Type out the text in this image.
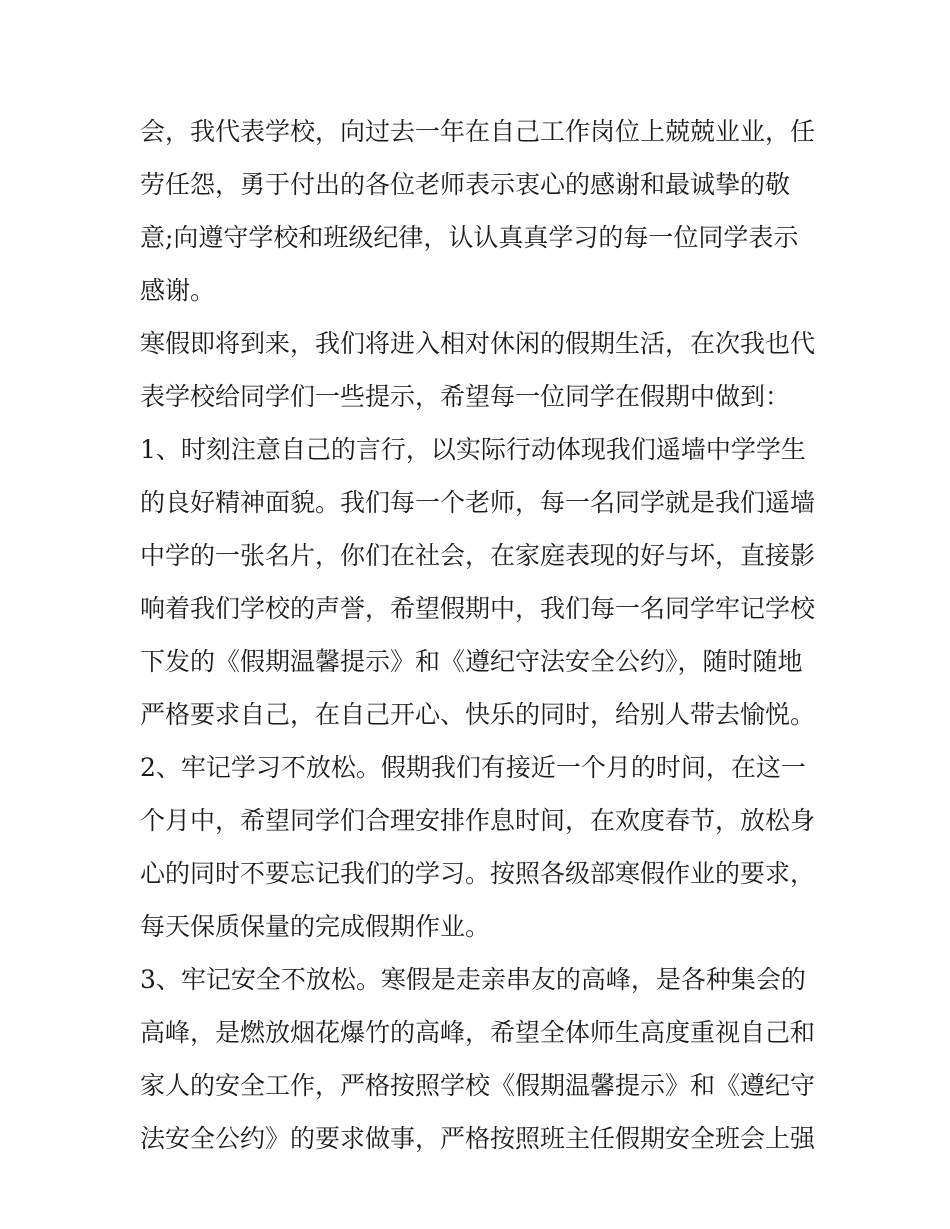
会，我代表学校，向过去一年在自己工作岗位上兢兢业业，任劳任怨，勇于付出的各位老师表示衷心的感谢和最诚挚的敬意;向遵守学校和班级纪律，认认真真学习的每一位同学表示感谢。

寒假即将到来，我们将进入相对休闲的假期生活，在次我也代表学校给同学们一些提示，希望每一位同学在假期中做到：

1、时刻注意自己的言行，以实际行动体现我们遥墙中学学生的良好精神面貌。我们每一个老师，每一名同学就是我们遥墙中学的一张名片，你们在社会，在家庭表现的好与坏，直接影响着我们学校的声誉，希望假期中，我们每一名同学牢记学校下发的《假期温馨提示》和《遵纪守法安全公约》，随时随地严格要求自己，在自己开心、快乐的同时，给别人带去愉悦。

2、牢记学习不放松。假期我们有接近一个月的时间，在这一个月中，希望同学们合理安排作息时间，在欢度春节，放松身心的同时不要忘记我们的学习。按照各级部寒假作业的要求，每天保质保量的完成假期作业。

3、牢记安全不放松。寒假是走亲串友的高峰，是各种集会的高峰，是燃放烟花爆竹的高峰，希望全体师生高度重视自己和家人的安全工作，严格按照学校《假期温馨提示》和《遵纪守法安全公约》的要求做事，严格按照班主任假期安全班会上强
